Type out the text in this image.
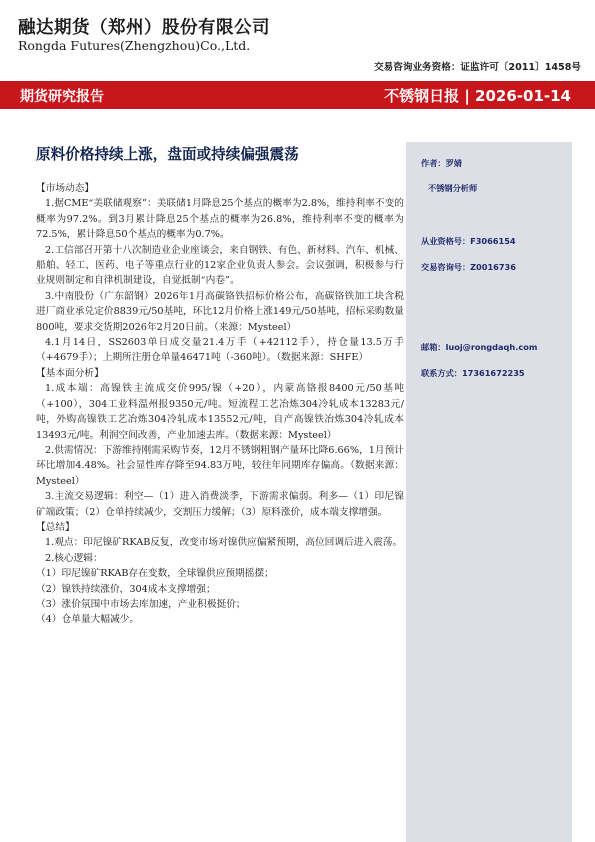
融达期货（郑州）股份有限公司
Rongda Futures(Zhengzhou)Co.,Ltd.
交易咨询业务资格：证监许可〔2011〕1458号
期货研究报告	不锈钢日报 | 2026-01-14
原料价格持续上涨，盘面或持续偏强震荡
【市场动态】
1.据CME“美联储观察”：美联储1月降息25个基点的概率为2.8%，维持利率不变的概率为97.2%。到3月累计降息25个基点的概率为26.8%，维持利率不变的概率为72.5%，累计降息50个基点的概率为0.7%。
2.工信部召开第十八次制造业企业座谈会，来自钢铁、有色、新材料、汽车、机械、船舶、轻工、医药、电子等重点行业的12家企业负责人参会。会议强调，积极参与行业规则制定和自律机制建设，自觉抵制“内卷”。
3.中南股份（广东韶钢）2026年1月高碳铬铁招标价格公布，高碳铬铁加工块含税进厂商业承兑定价8839元/50基吨，环比12月价格上涨149元/50基吨，招标采购数量800吨，要求交货期2026年2月20日前。（来源：Mysteel）
4.1月14日，SS2603单日成交量21.4万手（+42112手），持仓量13.5万手（+4679手）；上期所注册仓单量46471吨（-360吨）。（数据来源：SHFE）
【基本面分析】
1.成本端：高镍铁主流成交价995/镍（+20），内蒙高铬报8400元/50基吨（+100），304工业料温州报9350元/吨。短流程工艺冶炼304冷轧成本13283元/吨，外购高镍铁工艺冶炼304冷轧成本13552元/吨，自产高镍铁冶炼304冷轧成本13493元/吨。利润空间改善，产业加速去库。（数据来源：Mysteel）
2.供需情况：下游维持刚需采购节奏，12月不锈钢粗钢产量环比降6.66%，1月预计环比增加4.48%。社会显性库存降至94.83万吨，较往年同期库存偏高。（数据来源：Mysteel）
3.主流交易逻辑：利空—（1）进入消费淡季，下游需求偏弱。利多—（1）印尼镍矿端政策；（2）仓单持续减少，交割压力缓解；（3）原料涨价，成本端支撑增强。
【总结】
1.观点：印尼镍矿RKAB反复，改变市场对镍供应偏紧预期，高位回调后进入震荡。
2.核心逻辑：
（1）印尼镍矿RKAB存在变数，全球镍供应预期摇摆；
（2）镍铁持续涨价，304成本支撑增强；
（3）涨价氛围中市场去库加速，产业积极挺价；
（4）仓单量大幅减少。
作者：罗婧
不锈钢分析师
从业资格号：F3066154
交易咨询号：Z0016736
邮箱：luoj@rongdaqh.com
联系方式：17361672235
